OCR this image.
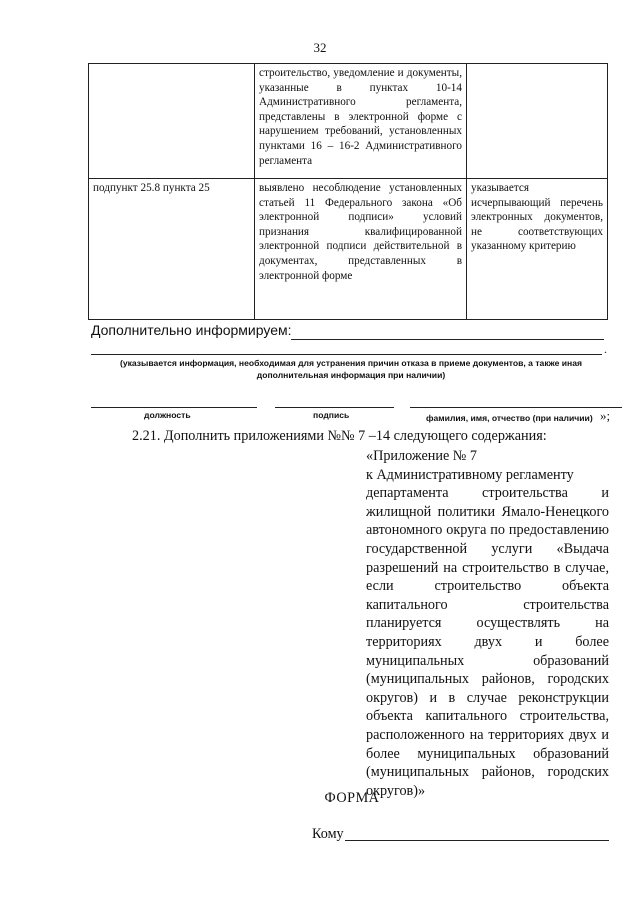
32
	строительство, уведомление и документы, указанные в пунктах 10-14 Административного регламента, представлены в электронной форме с нарушением требований, установленных пунктами 16 – 16-2 Административного регламента	
подпункт 25.8 пункта 25	выявлено несоблюдение установленных статьей 11 Федерального закона «Об электронной подписи» условий признания квалифицированной электронной подписи действительной в документах, представленных в электронной форме	указывается исчерпывающий перечень электронных документов, не соответствующих указанному критерию
Дополнительно информируем:
.
(указывается информация, необходимая для устранения причин отказа в приеме документов, а также иная дополнительная информация при наличии)
должность	подпись	фамилия, имя, отчество (при наличии) »;
2.21. Дополнить приложениями №№ 7 –14 следующего содержания:
«Приложение № 7
к Административному регламенту
департамента строительства и жилищной политики Ямало-Ненецкого автономного округа по предоставлению государственной услуги «Выдача разрешений на строительство в случае, если строительство объекта капитального строительства планируется осуществлять на территориях двух и более муниципальных образований (муниципальных районов, городских округов) и в случае реконструкции объекта капитального строительства, расположенного на территориях двух и более муниципальных образований (муниципальных районов, городских округов)»
ФОРМА
Кому
